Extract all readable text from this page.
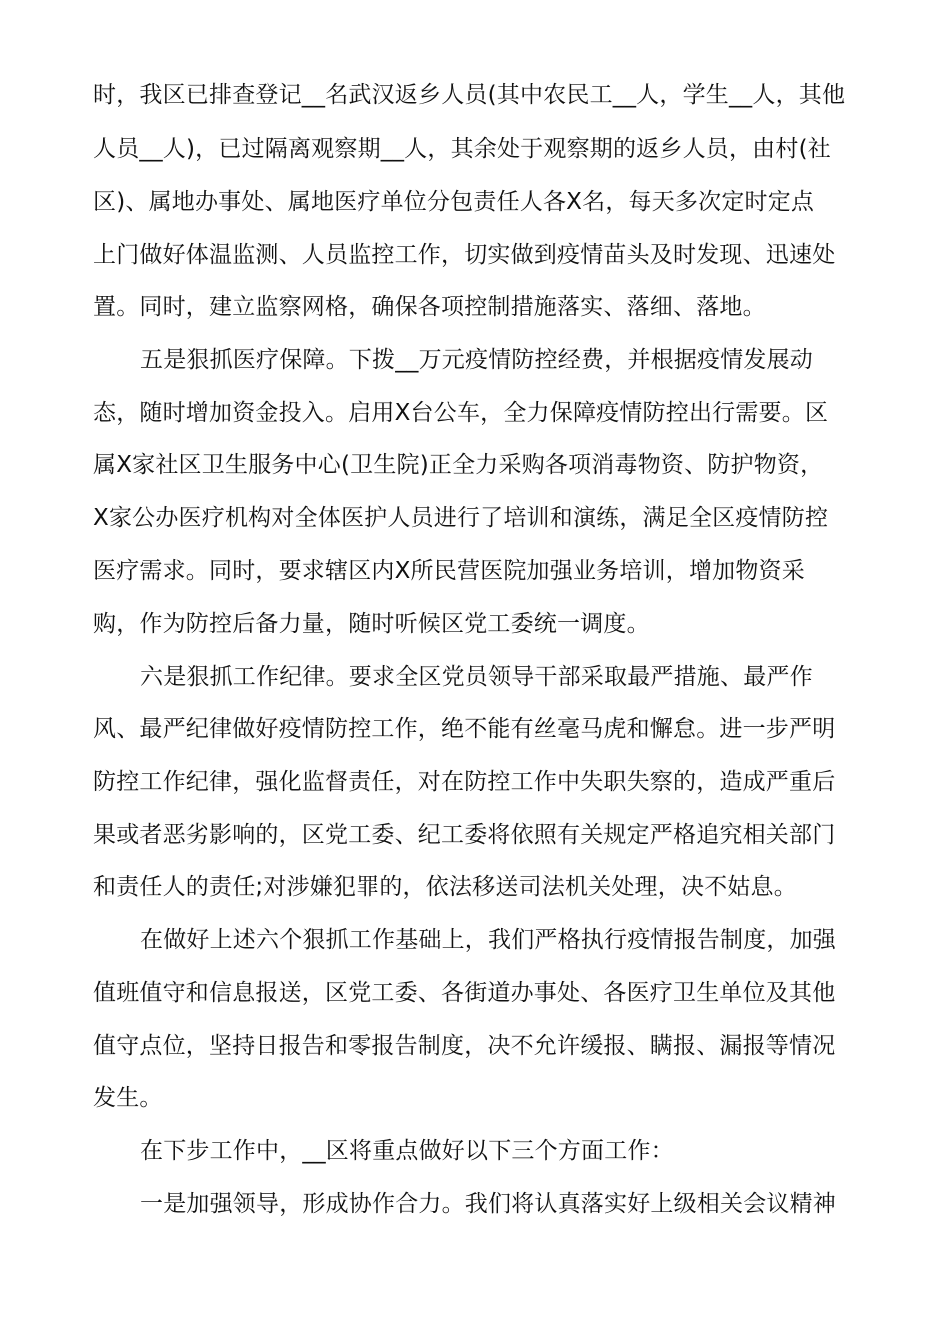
时，我区已排查登记__名武汉返乡人员(其中农民工__人，学生__人，其他
人员__人)，已过隔离观察期__人，其余处于观察期的返乡人员，由村(社
区)、属地办事处、属地医疗单位分包责任人各X名，每天多次定时定点
上门做好体温监测、人员监控工作，切实做到疫情苗头及时发现、迅速处
置。同时，建立监察网格，确保各项控制措施落实、落细、落地。
五是狠抓医疗保障。下拨__万元疫情防控经费，并根据疫情发展动
态，随时增加资金投入。启用X台公车，全力保障疫情防控出行需要。区
属X家社区卫生服务中心(卫生院)正全力采购各项消毒物资、防护物资，
X家公办医疗机构对全体医护人员进行了培训和演练，满足全区疫情防控
医疗需求。同时，要求辖区内X所民营医院加强业务培训，增加物资采
购，作为防控后备力量，随时听候区党工委统一调度。
六是狠抓工作纪律。要求全区党员领导干部采取最严措施、最严作
风、最严纪律做好疫情防控工作，绝不能有丝毫马虎和懈怠。进一步严明
防控工作纪律，强化监督责任，对在防控工作中失职失察的，造成严重后
果或者恶劣影响的，区党工委、纪工委将依照有关规定严格追究相关部门
和责任人的责任;对涉嫌犯罪的，依法移送司法机关处理，决不姑息。
在做好上述六个狠抓工作基础上，我们严格执行疫情报告制度，加强
值班值守和信息报送，区党工委、各街道办事处、各医疗卫生单位及其他
值守点位，坚持日报告和零报告制度，决不允许缓报、瞒报、漏报等情况
发生。
在下步工作中，__区将重点做好以下三个方面工作：
一是加强领导，形成协作合力。我们将认真落实好上级相关会议精神
